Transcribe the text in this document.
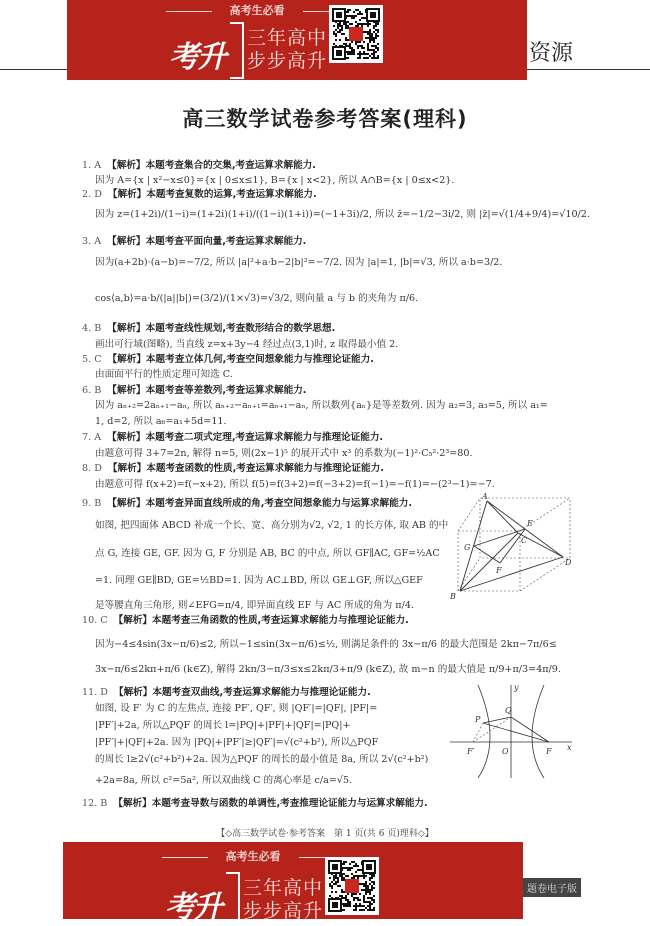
资源
高考生必看
考升
三年高中
步步高升
高三数学试卷参考答案(理科)
1. A 【解析】本题考查集合的交集,考查运算求解能力.
因为 A={x | x²−x≤0}={x | 0≤x≤1}, B={x | x<2}, 所以 A∩B={x | 0≤x<2}.
2. D 【解析】本题考查复数的运算,考查运算求解能力.
因为 z=(1+2i)/(1−i)=(1+2i)(1+i)/((1−i)(1+i))=(−1+3i)/2, 所以 z̄=−1/2−3i/2, 则 |z̄|=√(1/4+9/4)=√10/2.
3. A 【解析】本题考查平面向量,考查运算求解能力.
因为(a+2b)·(a−b)=−7/2, 所以 |a|²+a·b−2|b|²=−7/2. 因为 |a|=1, |b|=√3, 所以 a·b=3/2.
cos⟨a,b⟩=a·b/(|a||b|)=(3/2)/(1×√3)=√3/2, 则向量 a 与 b 的夹角为 π/6.
4. B 【解析】本题考查线性规划,考查数形结合的数学思想.
画出可行域(图略), 当直线 z=x+3y−4 经过点(3,1)时, z 取得最小值 2.
5. C 【解析】本题考查立体几何,考查空间想象能力与推理论证能力.
由面面平行的性质定理可知选 C.
6. B 【解析】本题考查等差数列,考查运算求解能力.
因为 aₙ₊₂=2aₙ₊₁−aₙ, 所以 aₙ₊₂−aₙ₊₁=aₙ₊₁−aₙ, 所以数列{aₙ}是等差数列. 因为 a₂=3, a₃=5, 所以 a₁=
1, d=2, 所以 a₆=a₁+5d=11.
7. A 【解析】本题考查二项式定理,考查运算求解能力与推理论证能力.
由题意可得 3+7=2n, 解得 n=5, 则(2x−1)⁵ 的展开式中 x³ 的系数为(−1)²·C₅²·2³=80.
8. D 【解析】本题考查函数的性质,考查运算求解能力与推理论证能力.
由题意可得 f(x+2)=f(−x+2), 所以 f(5)=f(3+2)=f(−3+2)=f(−1)=−f(1)=−(2³−1)=−7.
9. B 【解析】本题考查异面直线所成的角,考查空间想象能力与运算求解能力.
如图, 把四面体 ABCD 补成一个长、宽、高分别为√2, √2, 1 的长方体, 取 AB 的中
点 G, 连接 GE, GF. 因为 G, F 分别是 AB, BC 的中点, 所以 GF∥AC, GF=½AC
=1. 同理 GE∥BD, GE=½BD=1. 因为 AC⊥BD, 所以 GE⊥GF, 所以△GEF
是等腰直角三角形, 则∠EFG=π/4, 即异面直线 EF 与 AC 所成的角为 π/4.
10. C 【解析】本题考查三角函数的性质,考查运算求解能力与推理论证能力.
因为−4≤4sin(3x−π/6)≤2, 所以−1≤sin(3x−π/6)≤½, 则满足条件的 3x−π/6 的最大范围是 2kπ−7π/6≤
3x−π/6≤2kπ+π/6 (k∈Z), 解得 2kπ/3−π/3≤x≤2kπ/3+π/9 (k∈Z), 故 m−n 的最大值是 π/9+π/3=4π/9.
11. D 【解析】本题考查双曲线,考查运算求解能力与推理论证能力.
如图, 设 F′ 为 C 的左焦点, 连接 PF′, QF′, 则 |QF′|=|QF|, |PF|=
|PF′|+2a, 所以△PQF 的周长 l=|PQ|+|PF|+|QF|=|PQ|+
|PF′|+|QF|+2a. 因为 |PQ|+|PF′|≥|QF′|=√(c²+b²), 所以△PQF
的周长 l≥2√(c²+b²)+2a. 因为△PQF 的周长的最小值是 8a, 所以 2√(c²+b²)
+2a=8a, 所以 c²=5a², 所以双曲线 C 的离心率是 c/a=√5.
12. B 【解析】本题考查导数与函数的单调性,考查推理论证能力与运算求解能力.
A
E
G
C
F
D
B
y
Q
P
F′	O	F x
【◇高三数学试卷·参考答案　第 1 页(共 6 页)理科◇】
高考生必看
考升
三年高中
步步高升
题卷电子版
